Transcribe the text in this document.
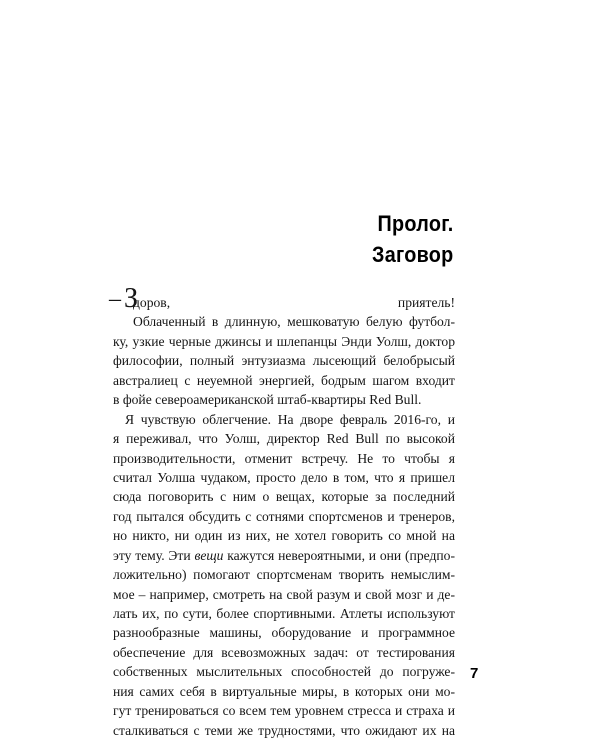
Пролог.
Заговор
– З
доров, приятель!
Облаченный в длинную, мешковатую белую футбол-
ку, узкие черные джинсы и шлепанцы Энди Уолш, доктор
философии, полный энтузиазма лысеющий белобрысый
австралиец с неуемной энергией, бодрым шагом входит
в фойе североамериканской штаб-квартиры Red Bull.
Я чувствую облегчение. На дворе февраль 2016-го, и
я переживал, что Уолш, директор Red Bull по высокой
производительности, отменит встречу. Не то чтобы я
считал Уолша чудаком, просто дело в том, что я пришел
сюда поговорить с ним о вещах, которые за последний
год пытался обсудить с сотнями спортсменов и тренеров,
но никто, ни один из них, не хотел говорить со мной на
эту тему. Эти вещи кажутся невероятными, и они (предпо-
ложительно) помогают спортсменам творить немыслим-
мое – например, смотреть на свой разум и свой мозг и де-
лать их, по сути, более спортивными. Атлеты используют
разнообразные машины, оборудование и программное
обеспечение для всевозможных задач: от тестирования
собственных мыслительных способностей до погруже-
ния самих себя в виртуальные миры, в которых они мо-
гут тренироваться со всем тем уровнем стресса и страха и
сталкиваться с теми же трудностями, что ожидают их на
7
